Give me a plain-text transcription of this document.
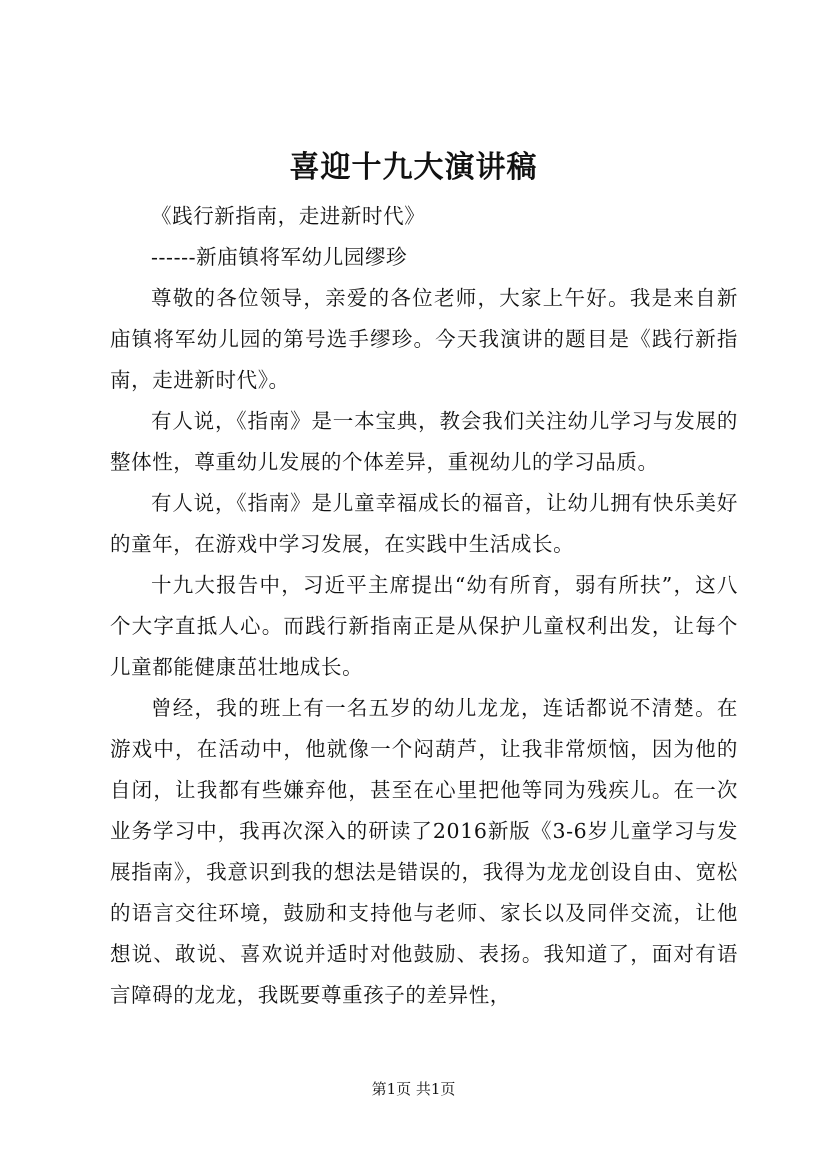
喜迎十九大演讲稿

《践行新指南，走进新时代》

------新庙镇将军幼儿园缪珍

尊敬的各位领导，亲爱的各位老师，大家上午好。我是来自新庙镇将军幼儿园的第号选手缪珍。今天我演讲的题目是《践行新指南，走进新时代》。

有人说，《指南》是一本宝典，教会我们关注幼儿学习与发展的整体性，尊重幼儿发展的个体差异，重视幼儿的学习品质。

有人说，《指南》是儿童幸福成长的福音，让幼儿拥有快乐美好的童年，在游戏中学习发展，在实践中生活成长。

十九大报告中，习近平主席提出“幼有所育，弱有所扶”，这八个大字直抵人心。而践行新指南正是从保护儿童权利出发，让每个儿童都能健康茁壮地成长。

曾经，我的班上有一名五岁的幼儿龙龙，连话都说不清楚。在游戏中，在活动中，他就像一个闷葫芦，让我非常烦恼，因为他的自闭，让我都有些嫌弃他，甚至在心里把他等同为残疾儿。在一次业务学习中，我再次深入的研读了2016新版《3-6岁儿童学习与发展指南》，我意识到我的想法是错误的，我得为龙龙创设自由、宽松的语言交往环境，鼓励和支持他与老师、家长以及同伴交流，让他想说、敢说、喜欢说并适时对他鼓励、表扬。我知道了，面对有语言障碍的龙龙，我既要尊重孩子的差异性，

第1页 共1页
